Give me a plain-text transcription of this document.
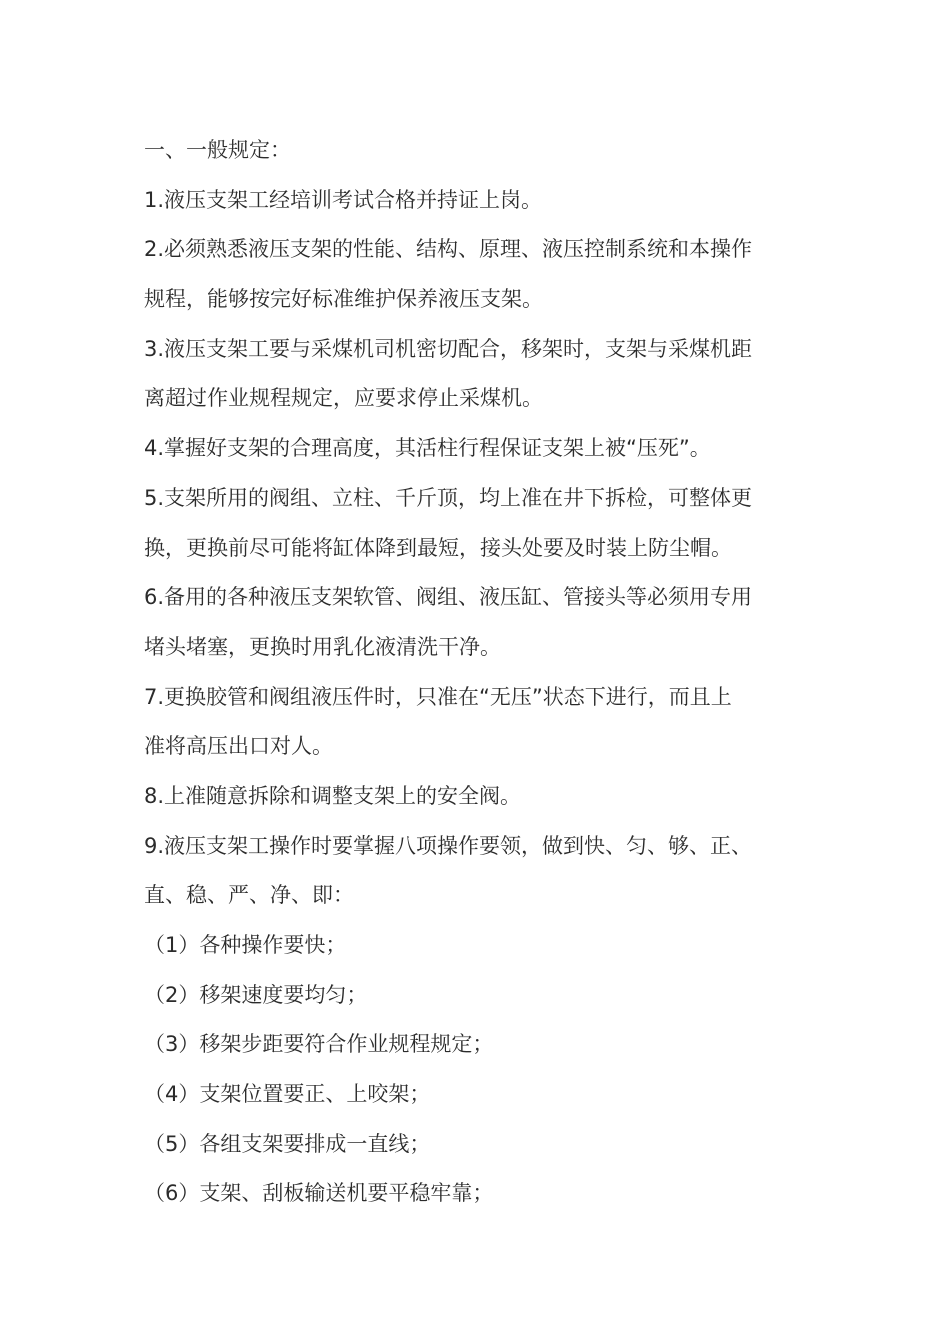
一、一般规定：
1.液压支架工经培训考试合格并持证上岗。
2.必须熟悉液压支架的性能、结构、原理、液压控制系统和本操作
规程，能够按完好标准维护保养液压支架。
3.液压支架工要与采煤机司机密切配合，移架时，支架与采煤机距
离超过作业规程规定，应要求停止采煤机。
4.掌握好支架的合理高度，其活柱行程保证支架上被“压死”。
5.支架所用的阀组、立柱、千斤顶，均上准在井下拆检，可整体更
换，更换前尽可能将缸体降到最短，接头处要及时装上防尘帽。
6.备用的各种液压支架软管、阀组、液压缸、管接头等必须用专用
堵头堵塞，更换时用乳化液清洗干净。
7.更换胶管和阀组液压件时，只准在“无压”状态下进行，而且上
准将高压出口对人。
8.上准随意拆除和调整支架上的安全阀。
9.液压支架工操作时要掌握八项操作要领，做到快、匀、够、正、
直、稳、严、净、即：
（1）各种操作要快；
（2）移架速度要均匀；
（3）移架步距要符合作业规程规定；
（4）支架位置要正、上咬架；
（5）各组支架要排成一直线；
（6）支架、刮板输送机要平稳牢靠；
